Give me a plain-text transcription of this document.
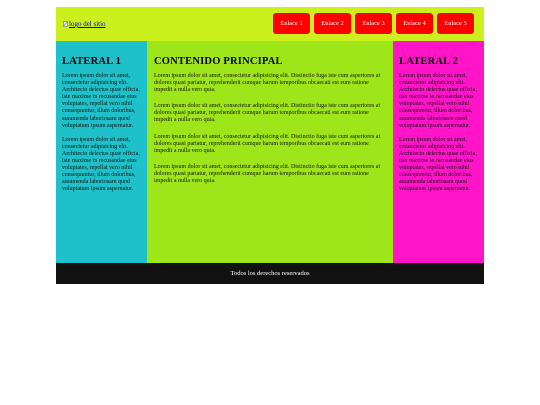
logo del sitio	Enlace 1	Enlace 2	Enlace 3	Enlace 4	Enlace 5
LATERAL 1

Lorem ipsum dolor sit amet, consectetur adipisicing elit. Architecto delectus quae officia, iste maxime in recusandae eius voluptates, repellat vero nihil consequuntur, illum doloribus, assumenda laboriosam quod voluptatum ipsum aspernatur.

Lorem ipsum dolor sit amet, consectetur adipisicing elit. Architecto delectus quae officia, iste maxime in recusandae eius voluptates, repellat vero nihil consequuntur, illum doloribus, assumenda laboriosam quod voluptatum ipsum aspernatur.

CONTENIDO PRINCIPAL

Lorem ipsum dolor sit amet, consectetur adipisicing elit. Distinctio fuga iste cum asperiores at dolores quasi pariatur, reprehenderit cumque harum temporibus obcaecati est eum ratione impedit a nulla vero quia.

Lorem ipsum dolor sit amet, consectetur adipisicing elit. Distinctio fuga iste cum asperiores at dolores quasi pariatur, reprehenderit cumque harum temporibus obcaecati est eum ratione impedit a nulla vero quia.

Lorem ipsum dolor sit amet, consectetur adipisicing elit. Distinctio fuga iste cum asperiores at dolores quasi pariatur, reprehenderit cumque harum temporibus obcaecati est eum ratione impedit a nulla vero quia.

Lorem ipsum dolor sit amet, consectetur adipisicing elit. Distinctio fuga iste cum asperiores at dolores quasi pariatur, reprehenderit cumque harum temporibus obcaecati est eum ratione impedit a nulla vero quia.

LATERAL 2

Lorem ipsum dolor sit amet, consectetur adipisicing elit. Architecto delectus quae officia, iste maxime in recusandae eius voluptates, repellat vero nihil consequuntur, illum doloribus, assumenda laboriosam quod voluptatum ipsum aspernatur.

Lorem ipsum dolor sit amet, consectetur adipisicing elit. Architecto delectus quae officia, iste maxime in recusandae eius voluptates, repellat vero nihil consequuntur, illum doloribus, assumenda laboriosam quod voluptatum ipsum aspernatur.

Todos los derechos reservados
